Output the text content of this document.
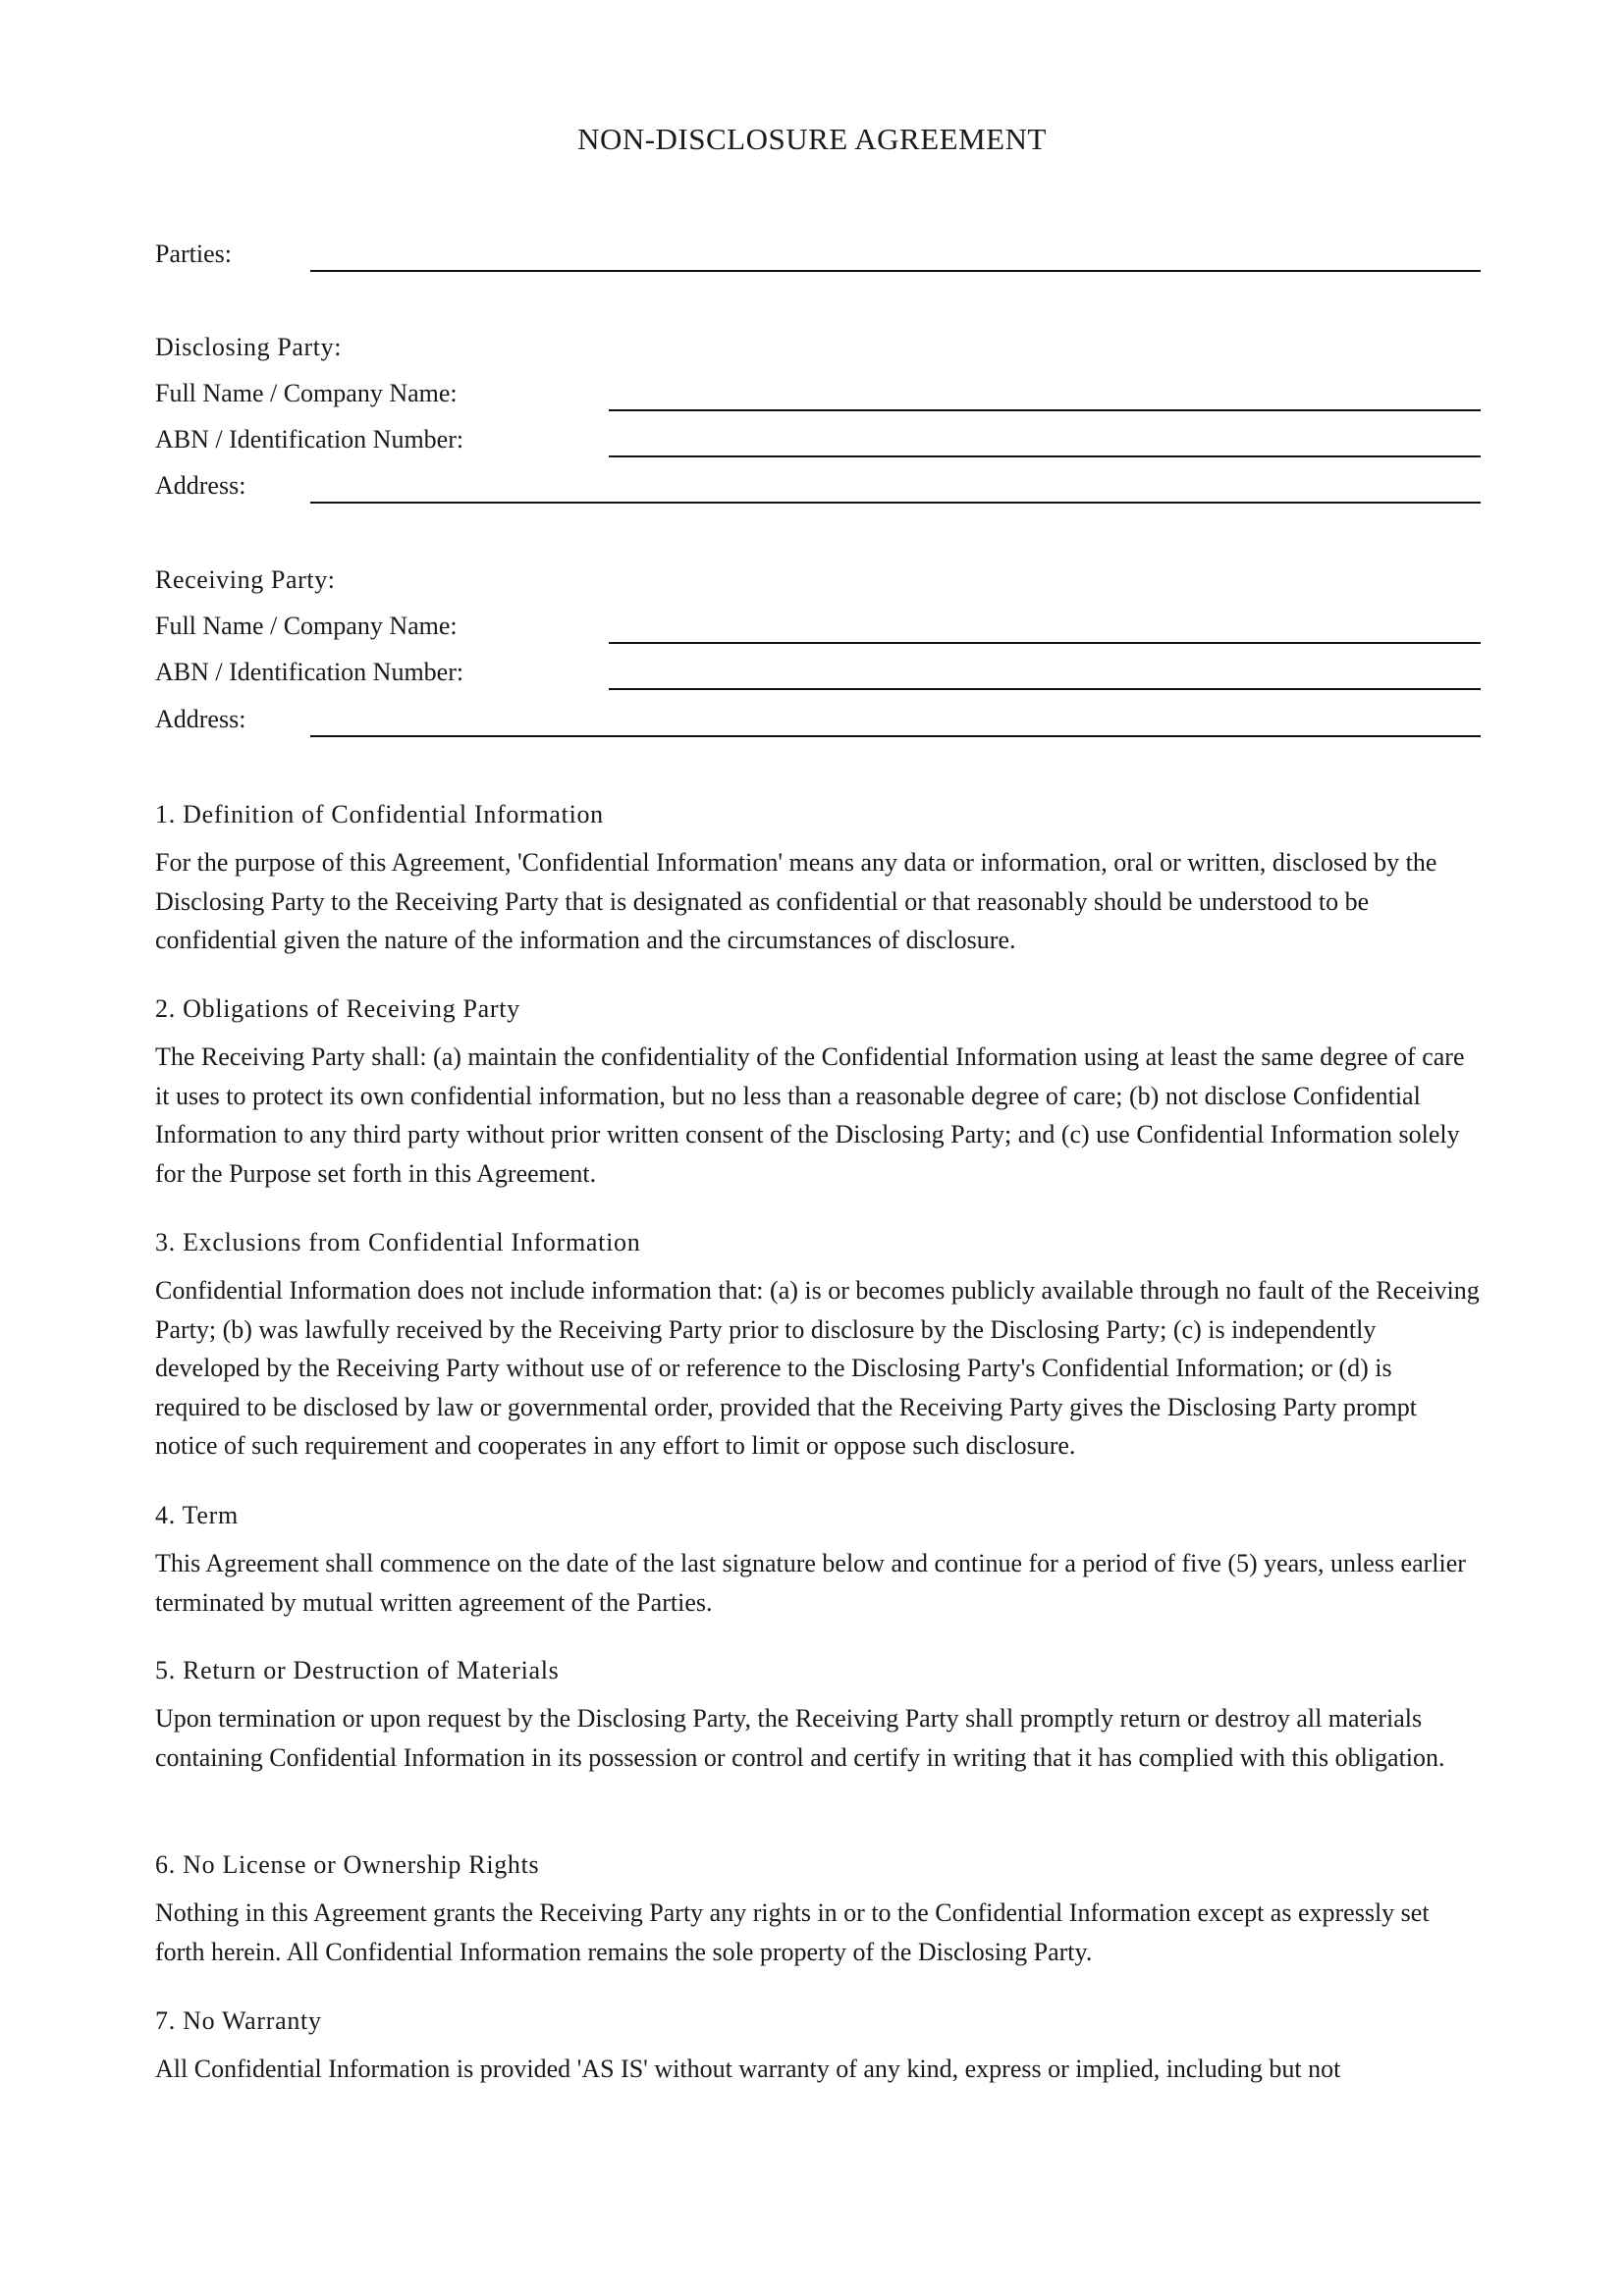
NON-DISCLOSURE AGREEMENT
Parties:
Disclosing Party:
Full Name / Company Name:
ABN / Identification Number:
Address:
Receiving Party:
Full Name / Company Name:
ABN / Identification Number:
Address:
1. Definition of Confidential Information

For the purpose of this Agreement, 'Confidential Information' means any data or information, oral or written, disclosed by the Disclosing Party to the Receiving Party that is designated as confidential or that reasonably should be understood to be confidential given the nature of the information and the circumstances of disclosure.

2. Obligations of Receiving Party

The Receiving Party shall: (a) maintain the confidentiality of the Confidential Information using at least the same degree of care it uses to protect its own confidential information, but no less than a reasonable degree of care; (b) not disclose Confidential Information to any third party without prior written consent of the Disclosing Party; and (c) use Confidential Information solely for the Purpose set forth in this Agreement.

3. Exclusions from Confidential Information

Confidential Information does not include information that: (a) is or becomes publicly available through no fault of the Receiving Party; (b) was lawfully received by the Receiving Party prior to disclosure by the Disclosing Party; (c) is independently developed by the Receiving Party without use of or reference to the Disclosing Party's Confidential Information; or (d) is required to be disclosed by law or governmental order, provided that the Receiving Party gives the Disclosing Party prompt notice of such requirement and cooperates in any effort to limit or oppose such disclosure.

4. Term

This Agreement shall commence on the date of the last signature below and continue for a period of five (5) years, unless earlier terminated by mutual written agreement of the Parties.

5. Return or Destruction of Materials

Upon termination or upon request by the Disclosing Party, the Receiving Party shall promptly return or destroy all materials containing Confidential Information in its possession or control and certify in writing that it has complied with this obligation.

6. No License or Ownership Rights

Nothing in this Agreement grants the Receiving Party any rights in or to the Confidential Information except as expressly set forth herein. All Confidential Information remains the sole property of the Disclosing Party.

7. No Warranty

All Confidential Information is provided 'AS IS' without warranty of any kind, express or implied, including but not
